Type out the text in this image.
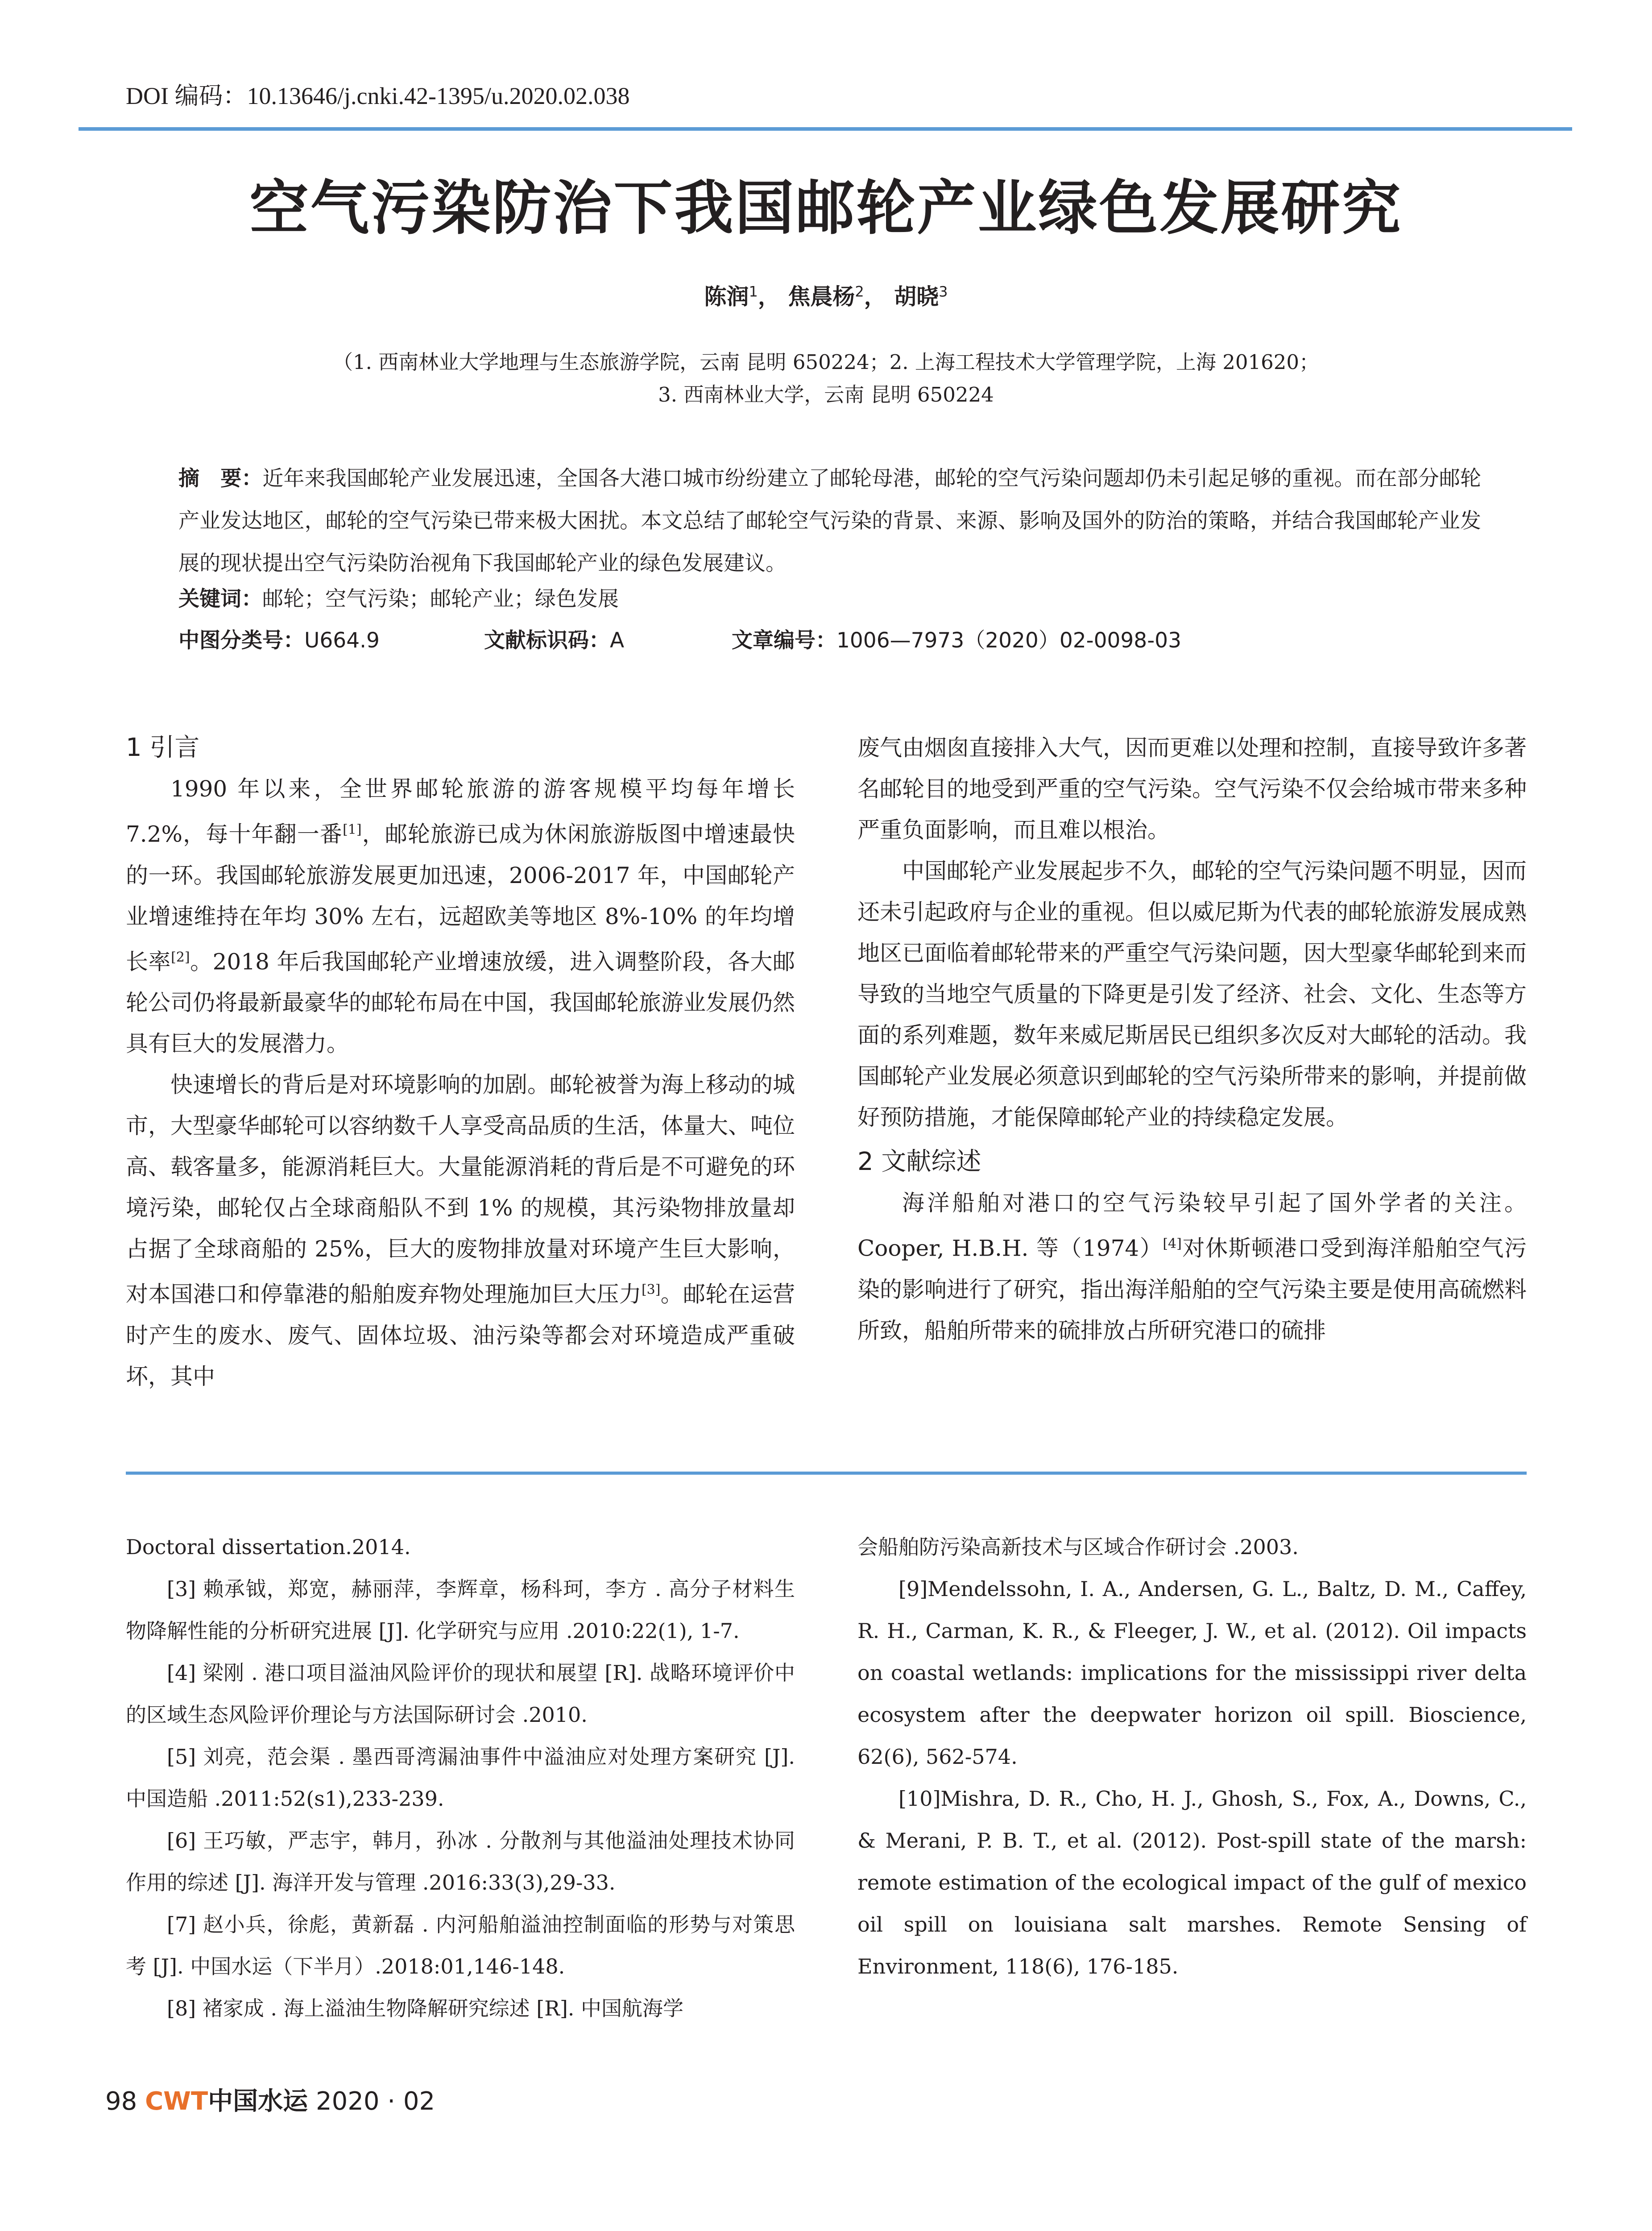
DOI 编码：10.13646/j.cnki.42-1395/u.2020.02.038
空气污染防治下我国邮轮产业绿色发展研究
陈润$^1$， 焦晨杨$^2$， 胡晓$^3$
（1. 西南林业大学地理与生态旅游学院，云南 昆明 650224；2. 上海工程技术大学管理学院，上海 201620；
3. 西南林业大学，云南 昆明 650224
摘　要：近年来我国邮轮产业发展迅速，全国各大港口城市纷纷建立了邮轮母港，邮轮的空气污染问题却仍未引起足够的重视。而在部分邮轮产业发达地区，邮轮的空气污染已带来极大困扰。本文总结了邮轮空气污染的背景、来源、影响及国外的防治的策略，并结合我国邮轮产业发展的现状提出空气污染防治视角下我国邮轮产业的绿色发展建议。
关键词：邮轮；空气污染；邮轮产业；绿色发展
中图分类号：U664.9	文献标识码：A	文章编号：1006—7973（2020）02-0098-03
1 引言

1990 年以来，全世界邮轮旅游的游客规模平均每年增长 7.2%，每十年翻一番[1]，邮轮旅游已成为休闲旅游版图中增速最快的一环。我国邮轮旅游发展更加迅速，2006-2017 年，中国邮轮产业增速维持在年均 30% 左右，远超欧美等地区 8%-10% 的年均增长率[2]。2018 年后我国邮轮产业增速放缓，进入调整阶段，各大邮轮公司仍将最新最豪华的邮轮布局在中国，我国邮轮旅游业发展仍然具有巨大的发展潜力。

快速增长的背后是对环境影响的加剧。邮轮被誉为海上移动的城市，大型豪华邮轮可以容纳数千人享受高品质的生活，体量大、吨位高、载客量多，能源消耗巨大。大量能源消耗的背后是不可避免的环境污染，邮轮仅占全球商船队不到 1% 的规模，其污染物排放量却占据了全球商船的 25%，巨大的废物排放量对环境产生巨大影响，对本国港口和停靠港的船舶废弃物处理施加巨大压力[3]。邮轮在运营时产生的废水、废气、固体垃圾、油污染等都会对环境造成严重破坏，其中

废气由烟囱直接排入大气，因而更难以处理和控制，直接导致许多著名邮轮目的地受到严重的空气污染。空气污染不仅会给城市带来多种严重负面影响，而且难以根治。

中国邮轮产业发展起步不久，邮轮的空气污染问题不明显，因而还未引起政府与企业的重视。但以威尼斯为代表的邮轮旅游发展成熟地区已面临着邮轮带来的严重空气污染问题，因大型豪华邮轮到来而导致的当地空气质量的下降更是引发了经济、社会、文化、生态等方面的系列难题，数年来威尼斯居民已组织多次反对大邮轮的活动。我国邮轮产业发展必须意识到邮轮的空气污染所带来的影响，并提前做好预防措施，才能保障邮轮产业的持续稳定发展。

2 文献综述

海洋船舶对港口的空气污染较早引起了国外学者的关注。Cooper, H.B.H. 等（1974）[4]对休斯顿港口受到海洋船舶空气污染的影响进行了研究，指出海洋船舶的空气污染主要是使用高硫燃料所致，船舶所带来的硫排放占所研究港口的硫排

Doctoral dissertation.2014.

[3] 赖承钺，郑宽，赫丽萍，李辉章，杨科珂，李方 . 高分子材料生物降解性能的分析研究进展 [J]. 化学研究与应用 .2010:22(1), 1-7.

[4] 梁刚 . 港口项目溢油风险评价的现状和展望 [R]. 战略环境评价中的区域生态风险评价理论与方法国际研讨会 .2010.

[5] 刘亮，范会渠 . 墨西哥湾漏油事件中溢油应对处理方案研究 [J]. 中国造船 .2011:52(s1),233-239.

[6] 王巧敏，严志宇，韩月，孙冰 . 分散剂与其他溢油处理技术协同作用的综述 [J]. 海洋开发与管理 .2016:33(3),29-33.

[7] 赵小兵，徐彪，黄新磊 . 内河船舶溢油控制面临的形势与对策思考 [J]. 中国水运（下半月）.2018:01,146-148.

[8] 褚家成 . 海上溢油生物降解研究综述 [R]. 中国航海学

会船舶防污染高新技术与区域合作研讨会 .2003.

[9]Mendelssohn, I. A., Andersen, G. L., Baltz, D. M., Caffey, R. H., Carman, K. R., & Fleeger, J. W., et al. (2012). Oil impacts on coastal wetlands: implications for the mississippi river delta ecosystem after the deepwater horizon oil spill. Bioscience, 62(6), 562-574.

[10]Mishra, D. R., Cho, H. J., Ghosh, S., Fox, A., Downs, C., & Merani, P. B. T., et al. (2012). Post-spill state of the marsh: remote estimation of the ecological impact of the gulf of mexico oil spill on louisiana salt marshes. Remote Sensing of Environment, 118(6), 176-185.

98 CWT中国水运 2020 · 02
